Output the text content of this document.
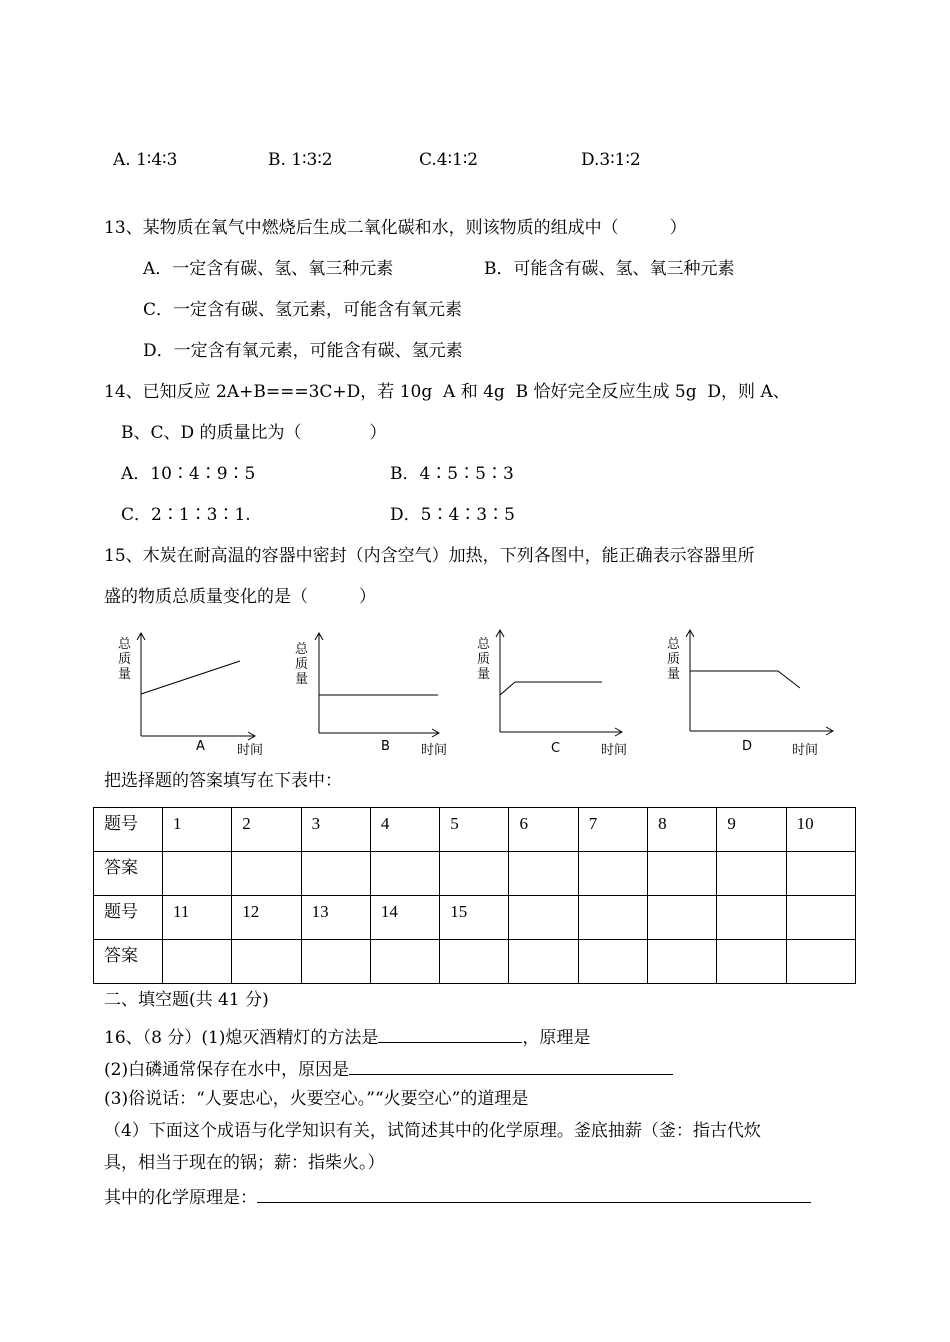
A. 1∶4∶3	B. 1∶3∶2	C.4∶1∶2	D.3∶1∶2
13、某物质在氧气中燃烧后生成二氧化碳和水，则该物质的组成中（　　　）
A．一定含有碳、氢、氧三种元素	B．可能含有碳、氢、氧三种元素
C．一定含有碳、氢元素，可能含有氧元素
D．一定含有氧元素，可能含有碳、氢元素
14、已知反应 2A+B===3C+D，若 10g  A 和 4g  B 恰好完全反应生成 5g  D，则 A、
B、C、D 的质量比为（　　　　）
A．10∶4∶9∶5	B．4∶5∶5∶3
C．2∶1∶3∶1.	D．5∶4∶3∶5
15、木炭在耐高温的容器中密封（内含空气）加热，下列各图中，能正确表示容器里所
盛的物质总质量变化的是（　　　）
总
质
量
A 时间
总
质
量
B 时间
总
质
量
C	时间
总
质
量
D	时间
把选择题的答案填写在下表中：
题号	1	2	3	4	5	6	7	8	9	10
答案										
题号	11	12	13	14	15					
答案										
二、填空题(共 41 分)
16、（8 分）(1)熄灭酒精灯的方法是	，原理是
(2)白磷通常保存在水中，原因是
(3)俗说话：“人要忠心，火要空心。”“火要空心”的道理是
（4）下面这个成语与化学知识有关，试简述其中的化学原理。釜底抽薪（釜：指古代炊
具，相当于现在的锅；薪：指柴火。）
其中的化学原理是：
